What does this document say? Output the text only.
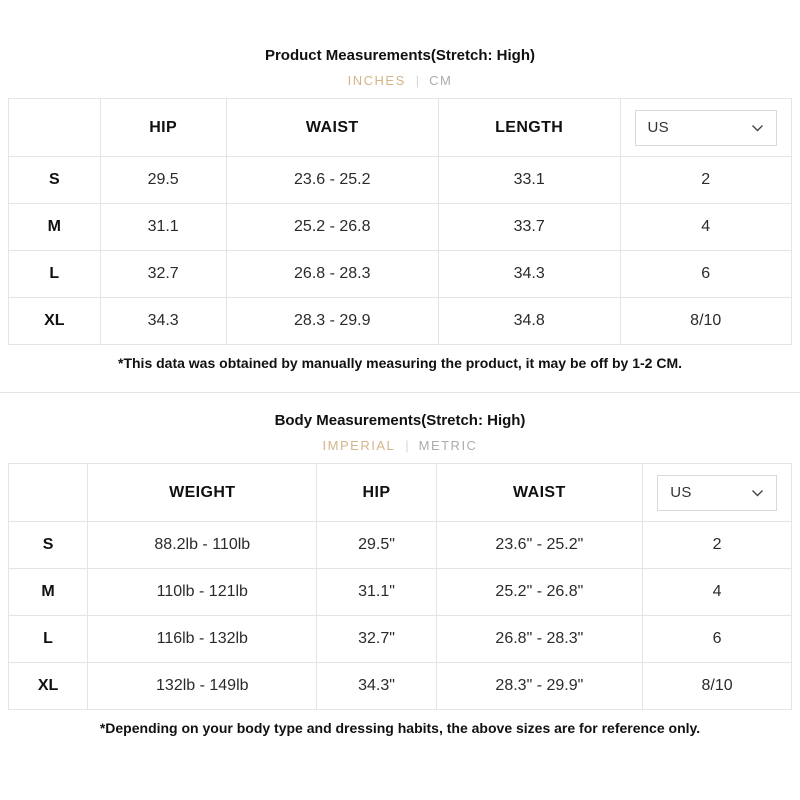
Product Measurements(Stretch: High)
INCHES | CM
	HIP	WAIST	LENGTH	US

S	29.5	23.6 - 25.2	33.1	2
M	31.1	25.2 - 26.8	33.7	4
L	32.7	26.8 - 28.3	34.3	6
XL	34.3	28.3 - 29.9	34.8	8/10
*This data was obtained by manually measuring the product, it may be off by 1-2 CM.
Body Measurements(Stretch: High)
IMPERIAL | METRIC
	WEIGHT	HIP	WAIST	US

S	88.2lb - 110lb	29.5"	23.6" - 25.2"	2
M	110lb - 121lb	31.1"	25.2" - 26.8"	4
L	116lb - 132lb	32.7"	26.8" - 28.3"	6
XL	132lb - 149lb	34.3"	28.3" - 29.9"	8/10
*Depending on your body type and dressing habits, the above sizes are for reference only.
